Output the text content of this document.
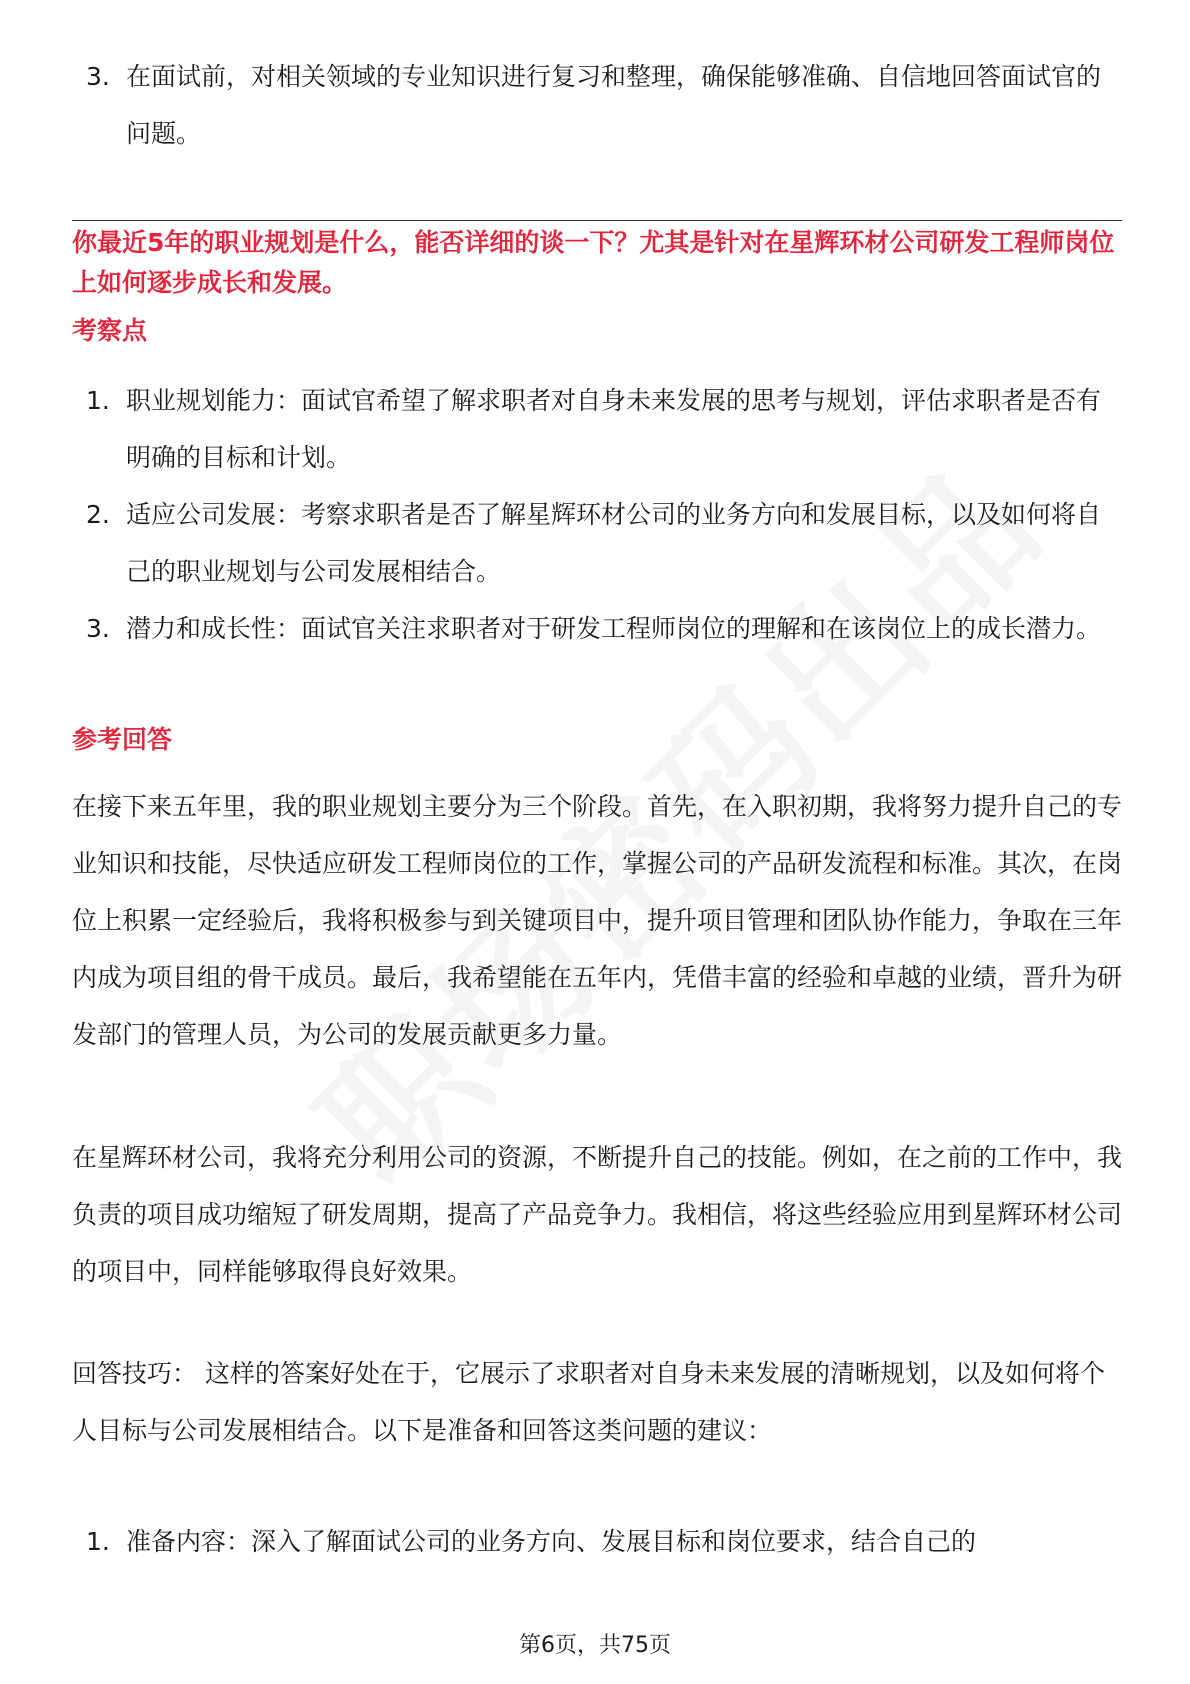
3. 在面试前，对相关领域的专业知识进行复习和整理，确保能够准确、自信地回答面试官的问题。

你最近5年的职业规划是什么，能否详细的谈一下？尤其是针对在星辉环材公司研发工程师岗位上如何逐步成长和发展。

考察点
1. 职业规划能力：面试官希望了解求职者对自身未来发展的思考与规划，评估求职者是否有明确的目标和计划。
2. 适应公司发展：考察求职者是否了解星辉环材公司的业务方向和发展目标，以及如何将自己的职业规划与公司发展相结合。
3. 潜力和成长性：面试官关注求职者对于研发工程师岗位的理解和在该岗位上的成长潜力。
参考回答

在接下来五年里，我的职业规划主要分为三个阶段。首先，在入职初期，我将努力提升自己的专业知识和技能，尽快适应研发工程师岗位的工作，掌握公司的产品研发流程和标准。其次，在岗位上积累一定经验后，我将积极参与到关键项目中，提升项目管理和团队协作能力，争取在三年内成为项目组的骨干成员。最后，我希望能在五年内，凭借丰富的经验和卓越的业绩，晋升为研发部门的管理人员，为公司的发展贡献更多力量。

在星辉环材公司，我将充分利用公司的资源，不断提升自己的技能。例如，在之前的工作中，我负责的项目成功缩短了研发周期，提高了产品竞争力。我相信，将这些经验应用到星辉环材公司的项目中，同样能够取得良好效果。

回答技巧： 这样的答案好处在于，它展示了求职者对自身未来发展的清晰规划，以及如何将个人目标与公司发展相结合。以下是准备和回答这类问题的建议：

1. 准备内容：深入了解面试公司的业务方向、发展目标和岗位要求，结合自己的
第6页，共75页
